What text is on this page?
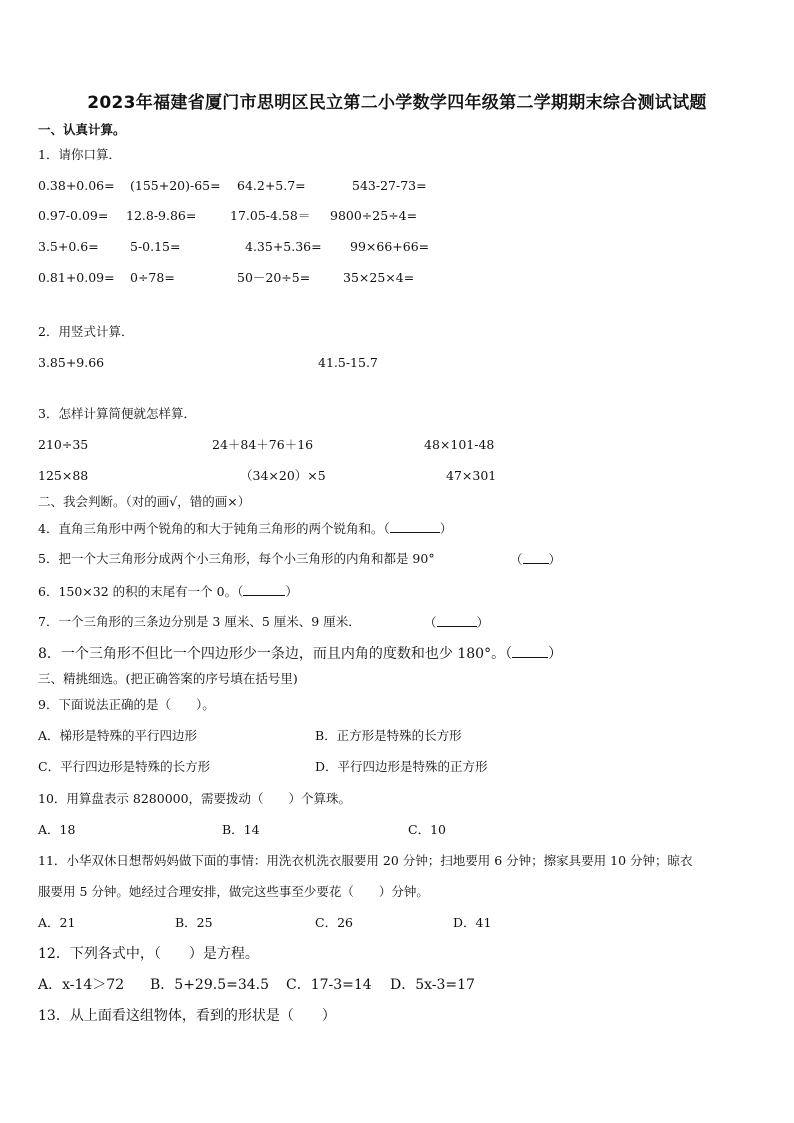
2023年福建省厦门市思明区民立第二小学数学四年级第二学期期末综合测试试题
一、认真计算。
1．请你口算．
0.38+0.06= (155+20)-65= 64.2+5.7=	543-27-73=
0.97-0.09= 12.8-9.86=	17.05-4.58＝ 9800÷25÷4=
3.5+0.6=	5-0.15=	4.35+5.36= 99×66+66=
0.81+0.09= 0÷78=	50－20÷5=	35×25×4=
2．用竖式计算．
3.85+9.66	41.5-15.7
3．怎样计算简便就怎样算．
210÷35	24＋84＋76＋16	48×101-48
125×88	（34×20）×5	47×301
二、我会判断。（对的画√，错的画×）
4．直角三角形中两个锐角的和大于钝角三角形的两个锐角和。（	）
5．把一个大三角形分成两个小三角形，每个小三角形的内角和都是 90°	（ ）
6．150×32 的积的末尾有一个 0。（	）
7．一个三角形的三条边分别是 3 厘米、5 厘米、9 厘米．	（	）
8．一个三角形不但比一个四边形少一条边，而且内角的度数和也少 180°。（	）
三、精挑细选。(把正确答案的序号填在括号里)
9．下面说法正确的是（　　）。
A．梯形是特殊的平行四边形	B．正方形是特殊的长方形
C．平行四边形是特殊的长方形	D．平行四边形是特殊的正方形
10．用算盘表示 8280000，需要拨动（　　）个算珠。
A．18	B．14	C．10
11．小华双休日想帮妈妈做下面的事情：用洗衣机洗衣服要用 20 分钟；扫地要用 6 分钟；擦家具要用 10 分钟；晾衣
服要用 5 分钟。她经过合理安排，做完这些事至少要花（　　）分钟。
A．21	B．25	C．26	D．41
12．下列各式中，（　　）是方程。
A．x-14＞72 B．5+29.5=34.5 C．17-3=14 D．5x-3=17
13．从上面看这组物体，看到的形状是（　　）
